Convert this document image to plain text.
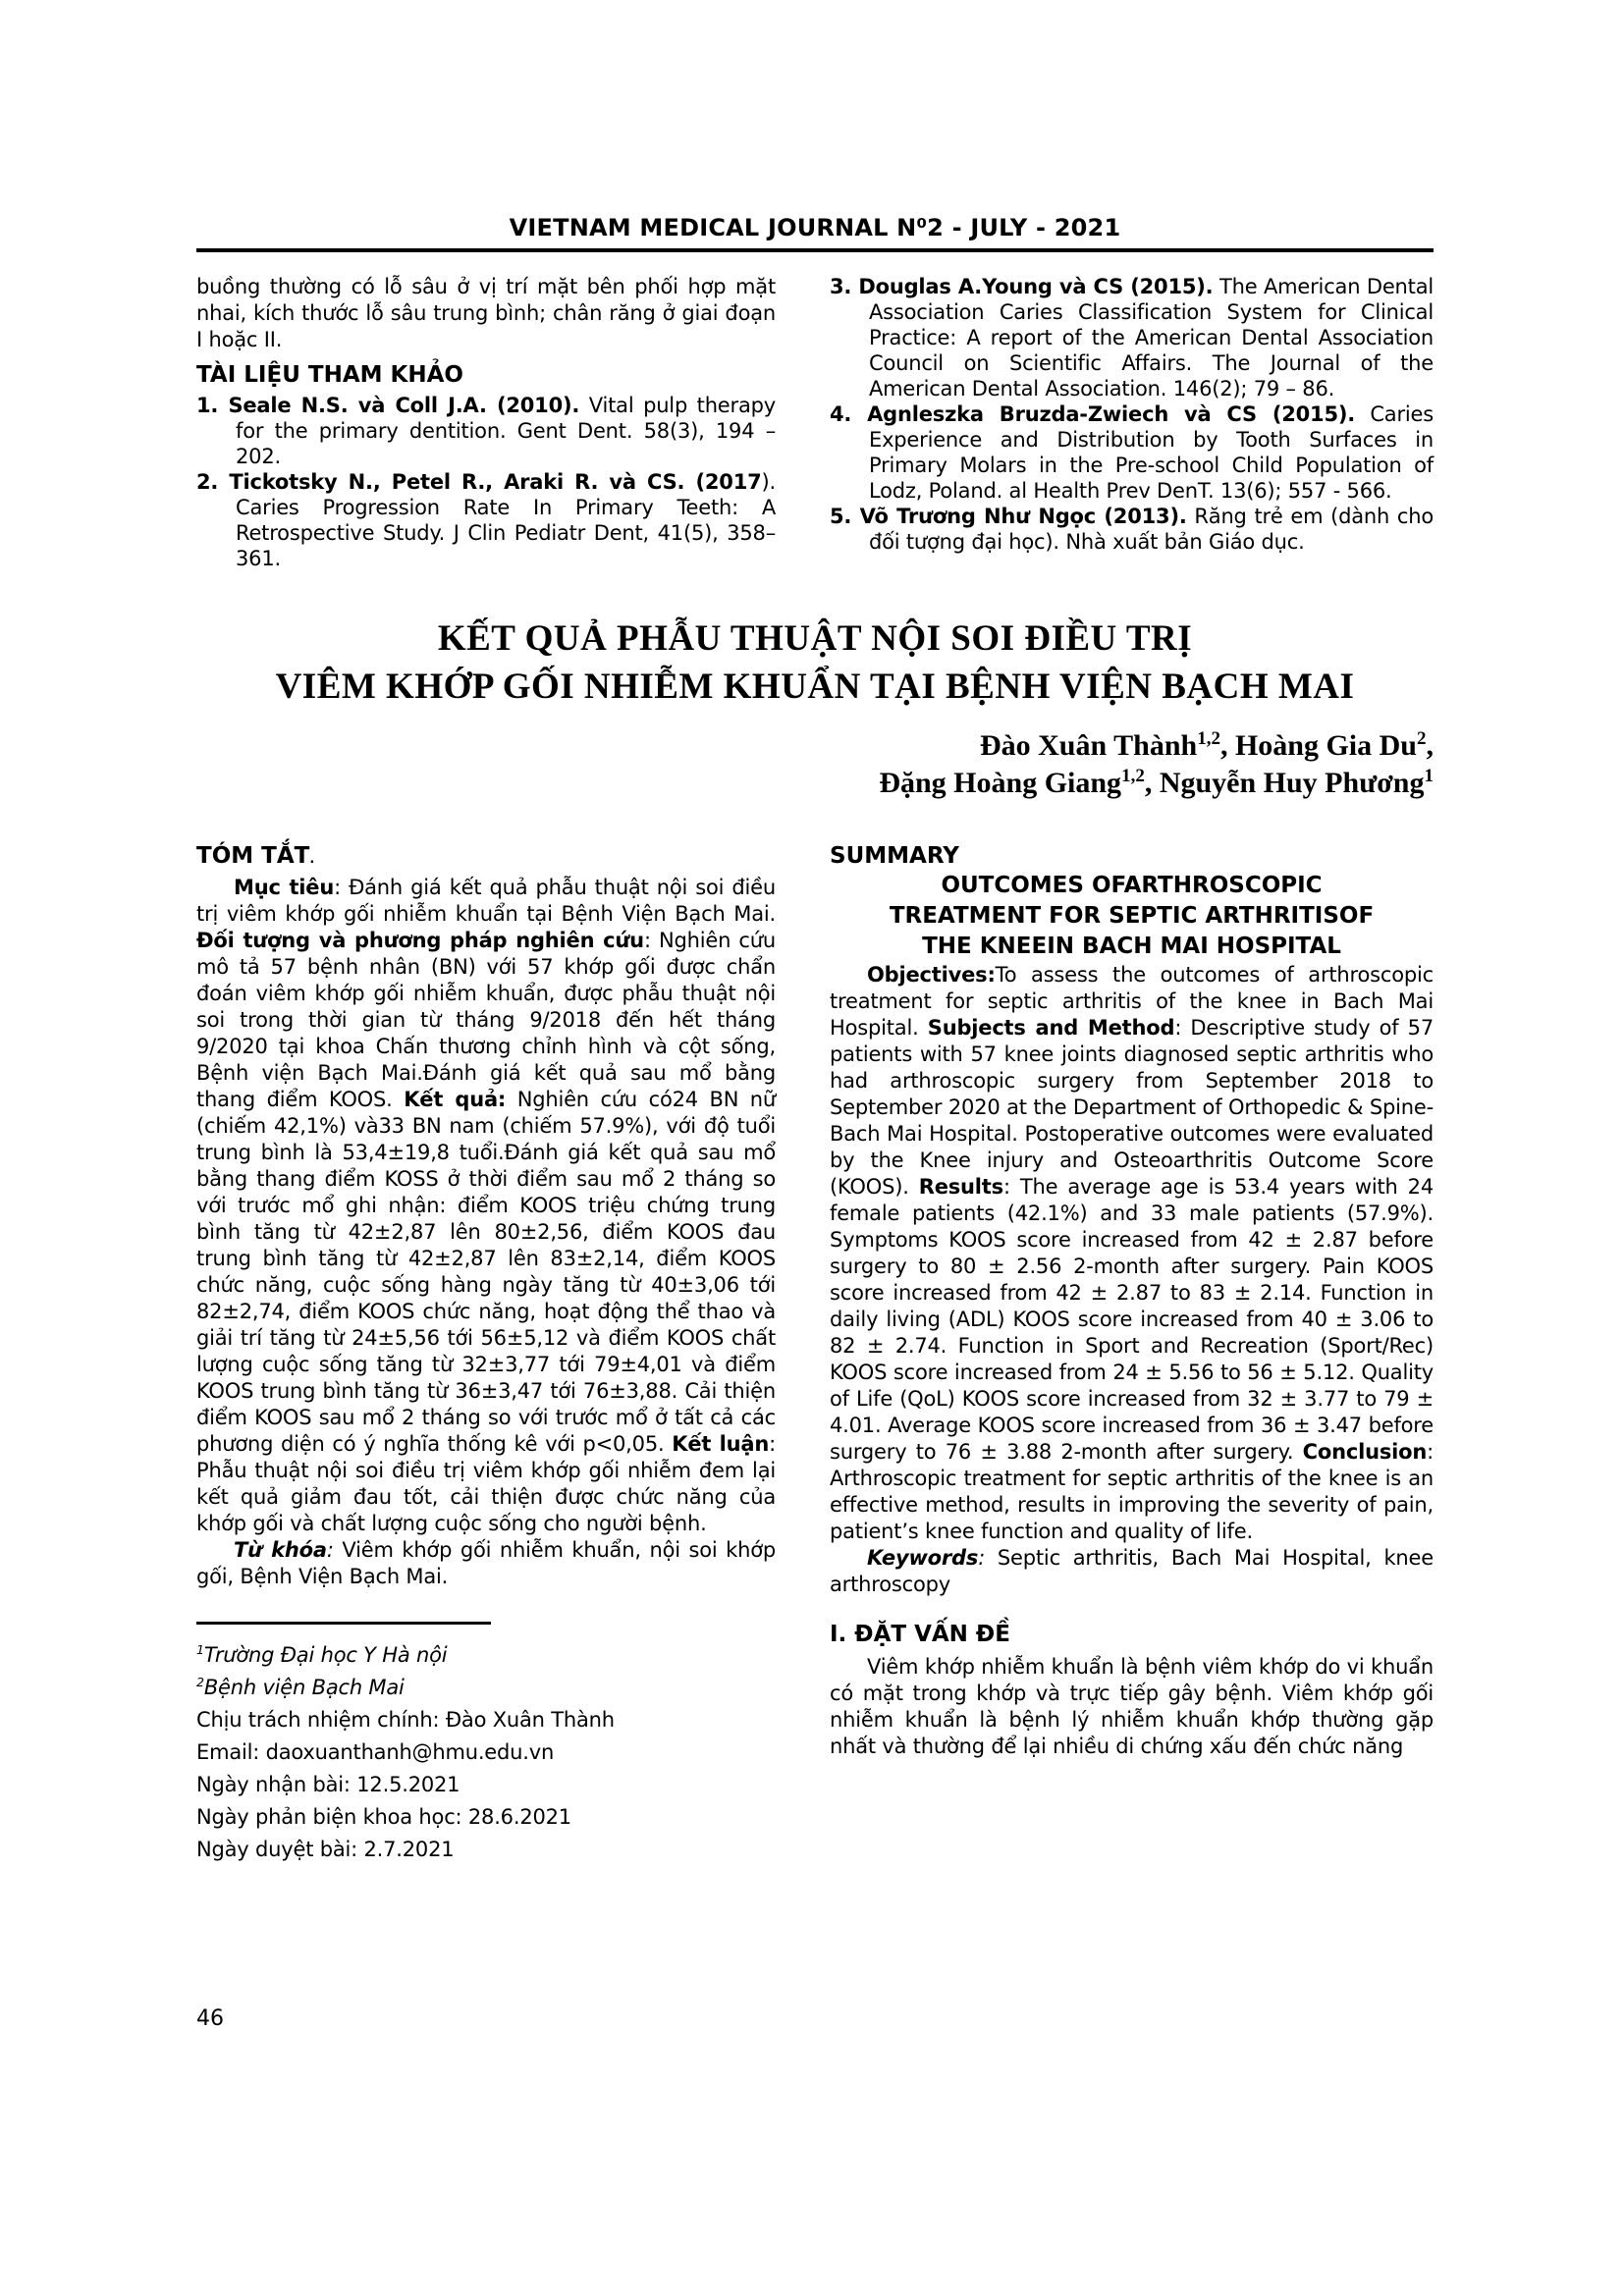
VIETNAM MEDICAL JOURNAL N⁰2 - JULY - 2021

buồng thường có lỗ sâu ở vị trí mặt bên phối hợp mặt nhai, kích thước lỗ sâu trung bình; chân răng ở giai đoạn I hoặc II.

TÀI LIỆU THAM KHẢO

1. Seale N.S. và Coll J.A. (2010). Vital pulp therapy for the primary dentition. Gent Dent. 58(3), 194 – 202.

2. Tickotsky N., Petel R., Araki R. và CS. (2017). Caries Progression Rate In Primary Teeth: A Retrospective Study. J Clin Pediatr Dent, 41(5), 358–361.

3. Douglas A.Young và CS (2015). The American Dental Association Caries Classification System for Clinical Practice: A report of the American Dental Association Council on Scientific Affairs. The Journal of the American Dental Association. 146(2); 79 – 86.

4. Agnleszka Bruzda-Zwiech và CS (2015). Caries Experience and Distribution by Tooth Surfaces in Primary Molars in the Pre-school Child Population of Lodz, Poland. al Health Prev DenT. 13(6); 557 - 566.

5. Võ Trương Như Ngọc (2013). Răng trẻ em (dành cho đối tượng đại học). Nhà xuất bản Giáo dục.

KẾT QUẢ PHẪU THUẬT NỘI SOI ĐIỀU TRỊ
VIÊM KHỚP GỐI NHIỄM KHUẨN TẠI BỆNH VIỆN BẠCH MAI
Đào Xuân Thành$^{1,2}$, Hoàng Gia Du$^2$,
Đặng Hoàng Giang$^{1,2}$, Nguyễn Huy Phương$^1$
TÓM TẮT.

Mục tiêu: Đánh giá kết quả phẫu thuật nội soi điều trị viêm khớp gối nhiễm khuẩn tại Bệnh Viện Bạch Mai. Đối tượng và phương pháp nghiên cứu: Nghiên cứu mô tả 57 bệnh nhân (BN) với 57 khớp gối được chẩn đoán viêm khớp gối nhiễm khuẩn, được phẫu thuật nội soi trong thời gian từ tháng 9/2018 đến hết tháng 9/2020 tại khoa Chấn thương chỉnh hình và cột sống, Bệnh viện Bạch Mai.Đánh giá kết quả sau mổ bằng thang điểm KOOS. Kết quả: Nghiên cứu có24 BN nữ (chiếm 42,1%) và33 BN nam (chiếm 57.9%), với độ tuổi trung bình là 53,4±19,8 tuổi.Đánh giá kết quả sau mổ bằng thang điểm KOSS ở thời điểm sau mổ 2 tháng so với trước mổ ghi nhận: điểm KOOS triệu chứng trung bình tăng từ 42±2,87 lên 80±2,56, điểm KOOS đau trung bình tăng từ 42±2,87 lên 83±2,14, điểm KOOS chức năng, cuộc sống hàng ngày tăng từ 40±3,06 tới 82±2,74, điểm KOOS chức năng, hoạt động thể thao và giải trí tăng từ 24±5,56 tới 56±5,12 và điểm KOOS chất lượng cuộc sống tăng từ 32±3,77 tới 79±4,01 và điểm KOOS trung bình tăng từ 36±3,47 tới 76±3,88. Cải thiện điểm KOOS sau mổ 2 tháng so với trước mổ ở tất cả các phương diện có ý nghĩa thống kê với p<0,05. Kết luận: Phẫu thuật nội soi điều trị viêm khớp gối nhiễm đem lại kết quả giảm đau tốt, cải thiện được chức năng của khớp gối và chất lượng cuộc sống cho người bệnh.

Từ khóa: Viêm khớp gối nhiễm khuẩn, nội soi khớp gối, Bệnh Viện Bạch Mai.

$^1$Trường Đại học Y Hà nội

$^2$Bệnh viện Bạch Mai

Chịu trách nhiệm chính: Đào Xuân Thành

Email: daoxuanthanh@hmu.edu.vn

Ngày nhận bài: 12.5.2021

Ngày phản biện khoa học: 28.6.2021

Ngày duyệt bài: 2.7.2021

SUMMARY
OUTCOMES OFARTHROSCOPIC
TREATMENT FOR SEPTIC ARTHRITISOF
THE KNEEIN BACH MAI HOSPITAL

Objectives:To assess the outcomes of arthroscopic treatment for septic arthritis of the knee in Bach Mai Hospital. Subjects and Method: Descriptive study of 57 patients with 57 knee joints diagnosed septic arthritis who had arthroscopic surgery from September 2018 to September 2020 at the Department of Orthopedic & Spine- Bach Mai Hospital. Postoperative outcomes were evaluated by the Knee injury and Osteoarthritis Outcome Score (KOOS). Results: The average age is 53.4 years with 24 female patients (42.1%) and 33 male patients (57.9%). Symptoms KOOS score increased from 42 ± 2.87 before surgery to 80 ± 2.56 2-month after surgery. Pain KOOS score increased from 42 ± 2.87 to 83 ± 2.14. Function in daily living (ADL) KOOS score increased from 40 ± 3.06 to 82 ± 2.74. Function in Sport and Recreation (Sport/Rec) KOOS score increased from 24 ± 5.56 to 56 ± 5.12. Quality of Life (QoL) KOOS score increased from 32 ± 3.77 to 79 ± 4.01. Average KOOS score increased from 36 ± 3.47 before surgery to 76 ± 3.88 2-month after surgery. Conclusion: Arthroscopic treatment for septic arthritis of the knee is an effective method, results in improving the severity of pain, patient’s knee function and quality of life.

Keywords: Septic arthritis, Bach Mai Hospital, knee arthroscopy

I. ĐẶT VẤN ĐỀ

Viêm khớp nhiễm khuẩn là bệnh viêm khớp do vi khuẩn có mặt trong khớp và trực tiếp gây bệnh. Viêm khớp gối nhiễm khuẩn là bệnh lý nhiễm khuẩn khớp thường gặp nhất và thường để lại nhiều di chứng xấu đến chức năng

46
